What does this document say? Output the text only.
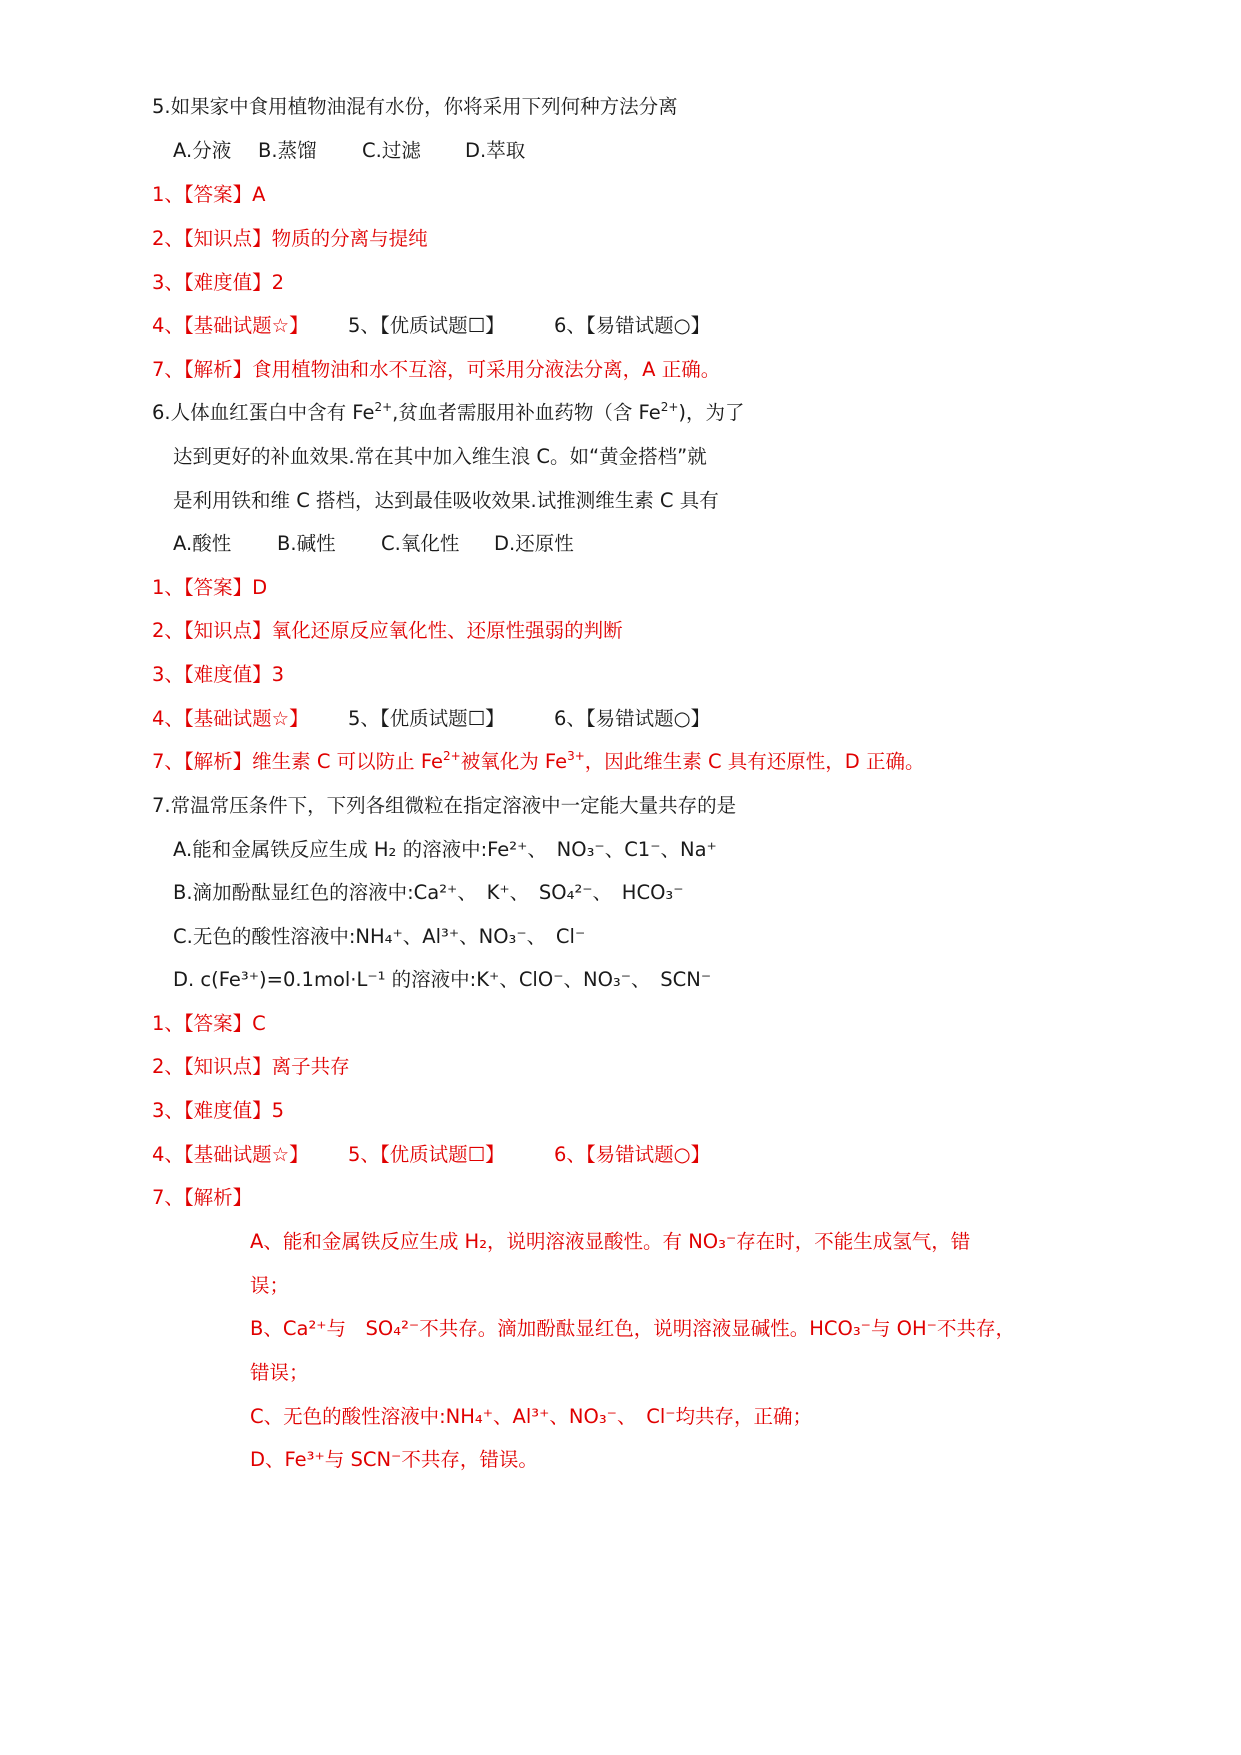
5.如果家中食用植物油混有水份，你将采用下列何种方法分离
A.分液 B.蒸馏 C.过滤 D.萃取
1、【答案】A
2、【知识点】物质的分离与提纯
3、【难度值】2
4、【基础试题☆】 5、【优质试题☐】	6、【易错试题○】
7、【解析】食用植物油和水不互溶，可采用分液法分离，A 正确。
6.人体血红蛋白中含有 $Fe^{2+}$,贫血者需服用补血药物（含 $Fe^{2+}$)，为了
达到更好的补血效果.常在其中加入维生浪 C。如“黄金搭档”就
是利用铁和维 C 搭档，达到最佳吸收效果.试推测维生素 C 具有
A.酸性 B.碱性 C.氧化性 D.还原性
1、【答案】D
2、【知识点】氧化还原反应氧化性、还原性强弱的判断
3、【难度值】3
4、【基础试题☆】 5、【优质试题☐】	6、【易错试题○】
7、【解析】维生素 C 可以防止 $Fe^{2+}$被氧化为 $Fe^{3+}$，因此维生素 C 具有还原性，D 正确。
7.常温常压条件下，下列各组微粒在指定溶液中一定能大量共存的是
A.能和金属铁反应生成 H₂ 的溶液中:Fe²⁺、　NO₃⁻、C1⁻、Na⁺
B.滴加酚酞显红色的溶液中:Ca²⁺、　K⁺、　SO₄²⁻、　HCO₃⁻
C.无色的酸性溶液中:NH₄⁺、Al³⁺、NO₃⁻、　Cl⁻
D. c(Fe³⁺)=0.1mol·L⁻¹ 的溶液中:K⁺、ClO⁻、NO₃⁻、　SCN⁻
1、【答案】C
2、【知识点】离子共存
3、【难度值】5
4、【基础试题☆】 5、【优质试题☐】	6、【易错试题○】
7、【解析】
A、能和金属铁反应生成 H₂，说明溶液显酸性。有 NO₃⁻存在时，不能生成氢气，错
误；
B、Ca²⁺与　SO₄²⁻不共存。滴加酚酞显红色，说明溶液显碱性。HCO₃⁻与 OH⁻不共存，
错误；
C、无色的酸性溶液中:NH₄⁺、Al³⁺、NO₃⁻、　Cl⁻均共存，正确；
D、Fe³⁺与 SCN⁻不共存，错误。
